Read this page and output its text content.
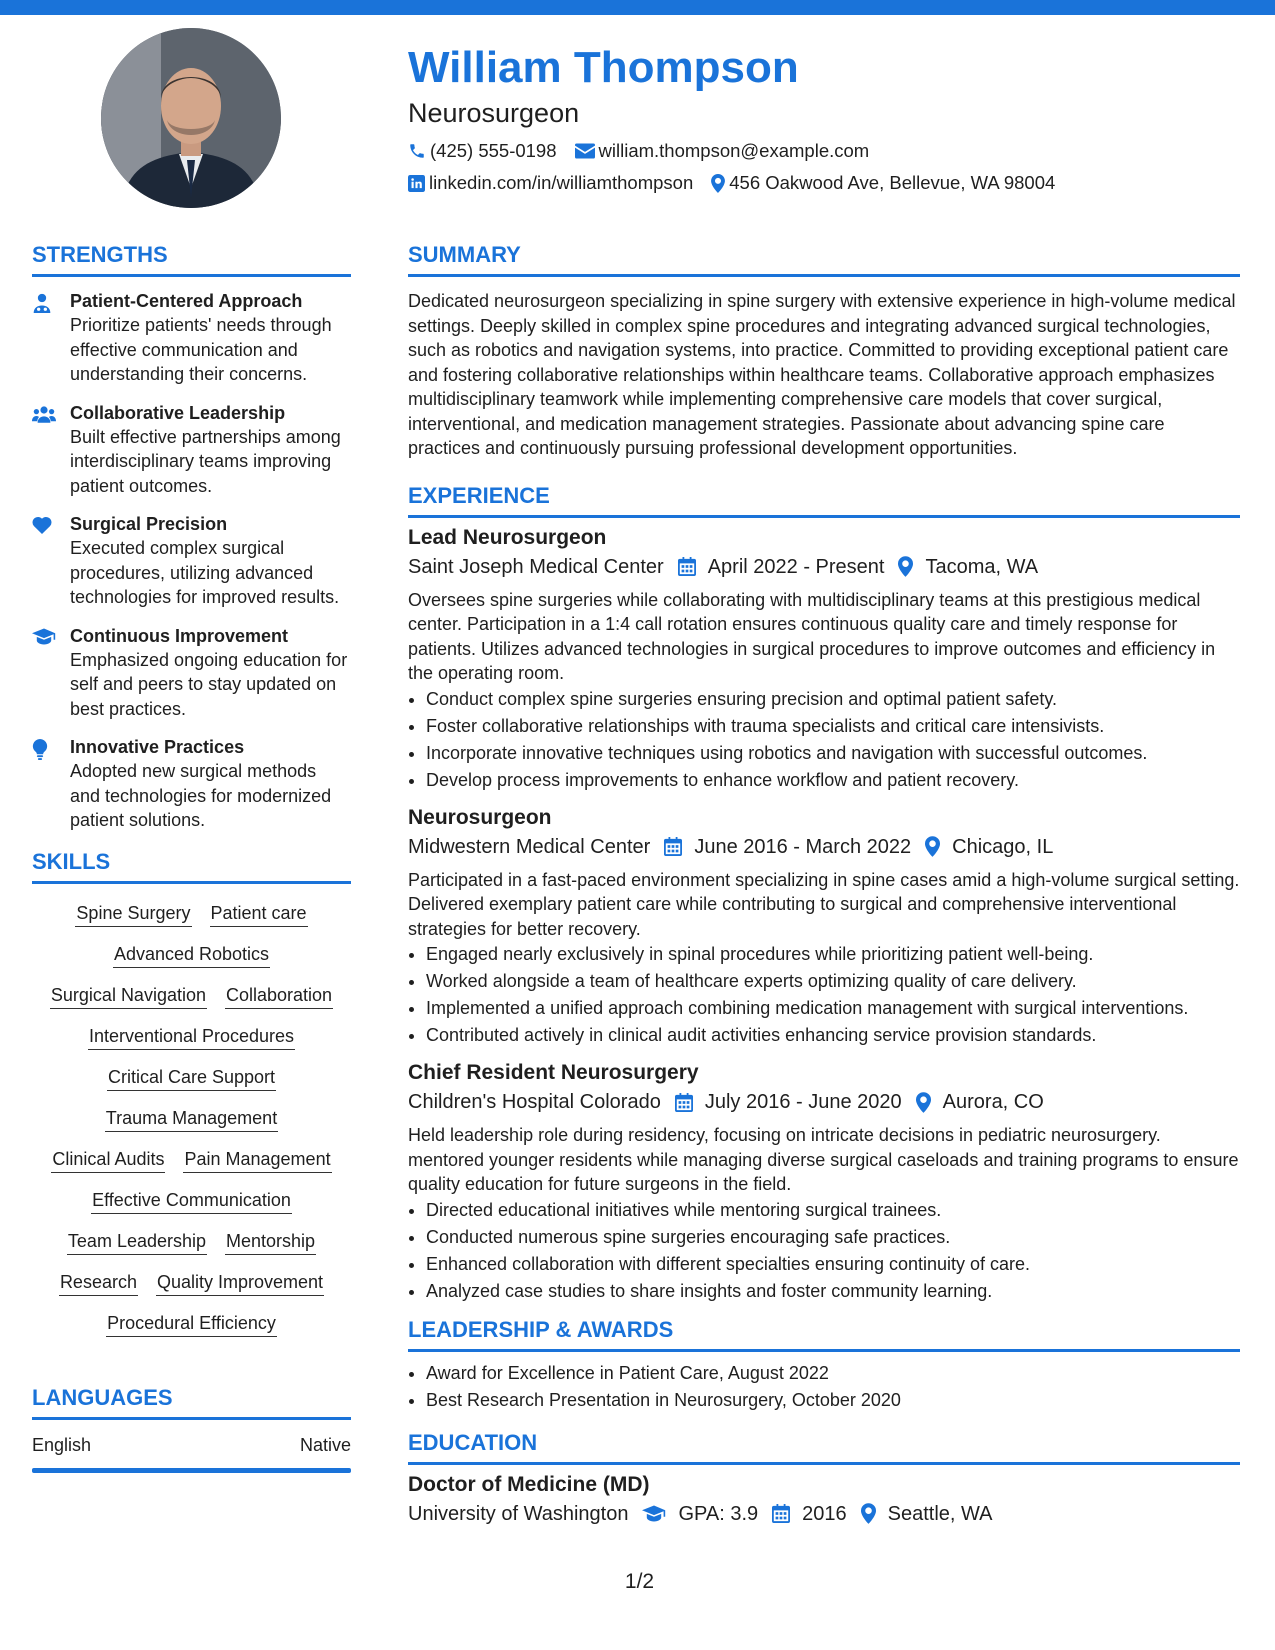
William Thompson
Neurosurgeon
(425) 555-0198 william.thompson@example.com
linkedin.com/in/williamthompson 456 Oakwood Ave, Bellevue, WA 98004
STRENGTHS
Patient-Centered Approach
Prioritize patients' needs through effective communication and understanding their concerns.
Collaborative Leadership
Built effective partnerships among interdisciplinary teams improving patient outcomes.
Surgical Precision
Executed complex surgical procedures, utilizing advanced technologies for improved results.
Continuous Improvement
Emphasized ongoing education for self and peers to stay updated on best practices.
Innovative Practices
Adopted new surgical methods and technologies for modernized patient solutions.
SKILLS
Spine Surgery Patient care
Advanced Robotics
Surgical Navigation Collaboration
Interventional Procedures
Critical Care Support
Trauma Management
Clinical Audits Pain Management
Effective Communication
Team Leadership Mentorship
Research Quality Improvement
Procedural Efficiency
LANGUAGES
English	Native
SUMMARY
Dedicated neurosurgeon specializing in spine surgery with extensive experience in high-volume medical settings. Deeply skilled in complex spine procedures and integrating advanced surgical technologies, such as robotics and navigation systems, into practice. Committed to providing exceptional patient care and fostering collaborative relationships within healthcare teams. Collaborative approach emphasizes multidisciplinary teamwork while implementing comprehensive care models that cover surgical, interventional, and medication management strategies. Passionate about advancing spine care practices and continuously pursuing professional development opportunities.
EXPERIENCE
Lead Neurosurgeon
Saint Joseph Medical Center April 2022 - Present Tacoma, WA
Oversees spine surgeries while collaborating with multidisciplinary teams at this prestigious medical center. Participation in a 1:4 call rotation ensures continuous quality care and timely response for patients. Utilizes advanced technologies in surgical procedures to improve outcomes and efficiency in the operating room.
• Conduct complex spine surgeries ensuring precision and optimal patient safety.
• Foster collaborative relationships with trauma specialists and critical care intensivists.
• Incorporate innovative techniques using robotics and navigation with successful outcomes.
• Develop process improvements to enhance workflow and patient recovery.
Neurosurgeon
Midwestern Medical Center June 2016 - March 2022 Chicago, IL
Participated in a fast-paced environment specializing in spine cases amid a high-volume surgical setting. Delivered exemplary patient care while contributing to surgical and comprehensive interventional strategies for better recovery.
• Engaged nearly exclusively in spinal procedures while prioritizing patient well-being.
• Worked alongside a team of healthcare experts optimizing quality of care delivery.
• Implemented a unified approach combining medication management with surgical interventions.
• Contributed actively in clinical audit activities enhancing service provision standards.
Chief Resident Neurosurgery
Children's Hospital Colorado July 2016 - June 2020 Aurora, CO
Held leadership role during residency, focusing on intricate decisions in pediatric neurosurgery. mentored younger residents while managing diverse surgical caseloads and training programs to ensure quality education for future surgeons in the field.
• Directed educational initiatives while mentoring surgical trainees.
• Conducted numerous spine surgeries encouraging safe practices.
• Enhanced collaboration with different specialties ensuring continuity of care.
• Analyzed case studies to share insights and foster community learning.
LEADERSHIP & AWARDS
• Award for Excellence in Patient Care, August 2022
• Best Research Presentation in Neurosurgery, October 2020
EDUCATION
Doctor of Medicine (MD)
University of Washington	GPA: 3.9 2016 Seattle, WA
1/2
